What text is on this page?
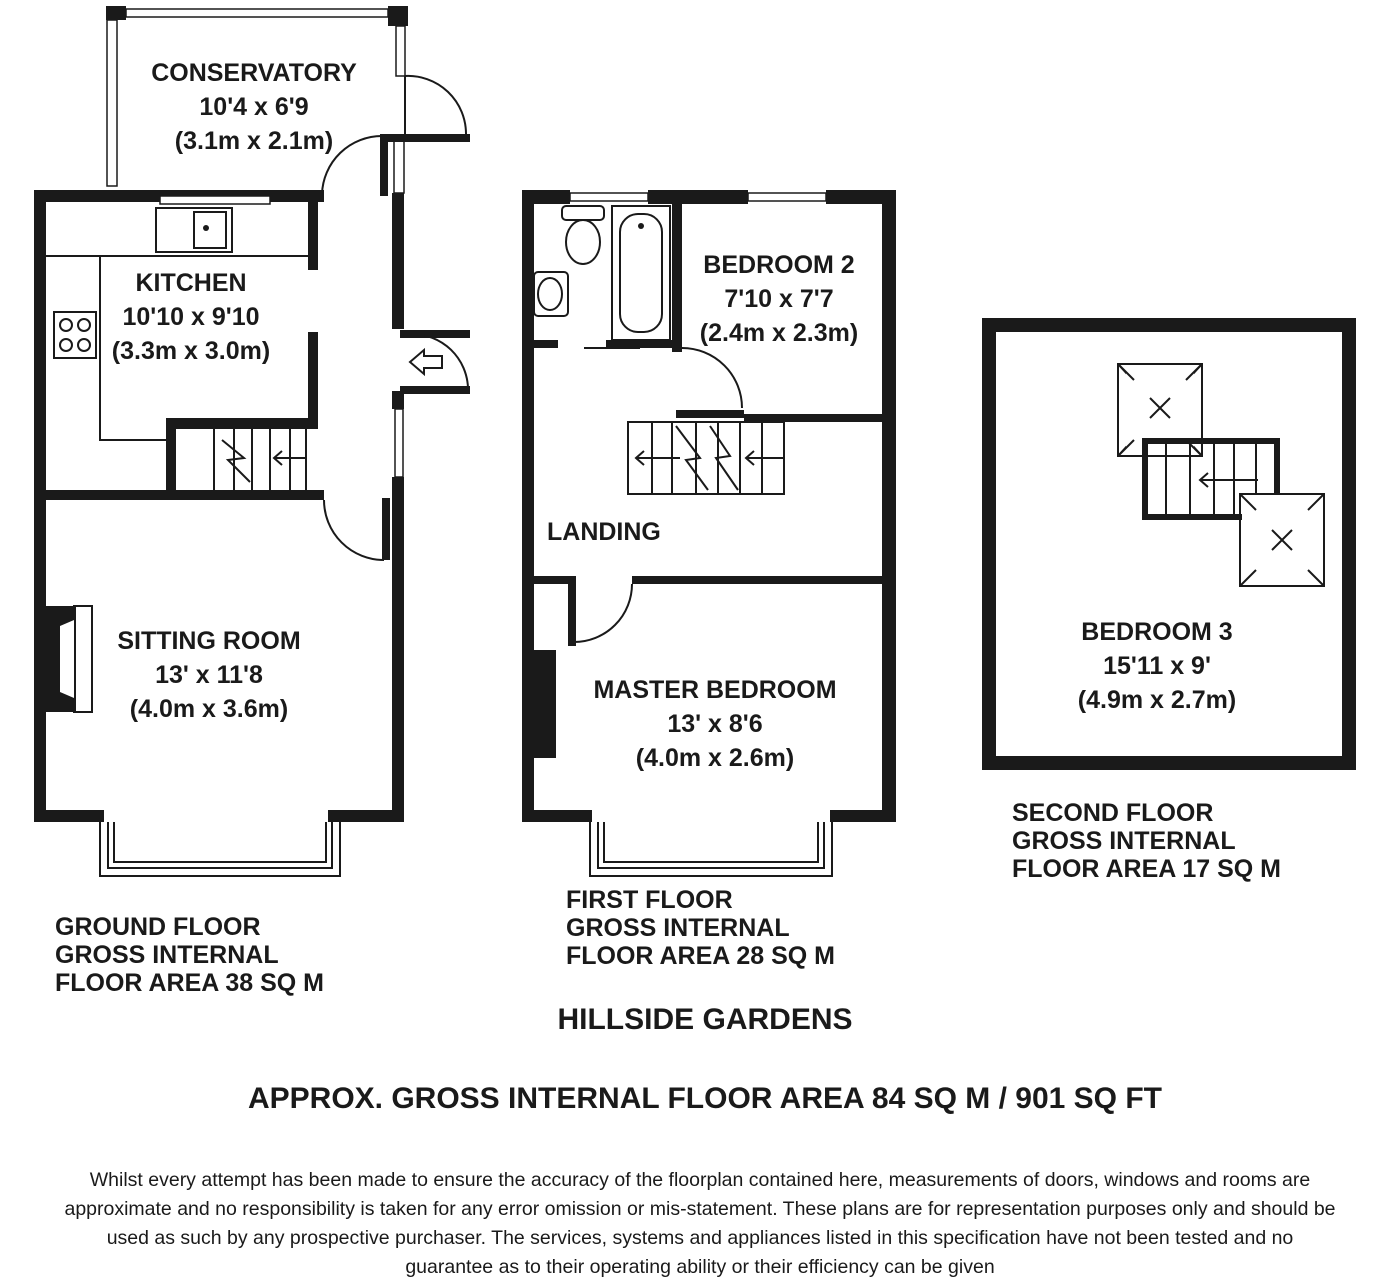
CONSERVATORY
10'4 x 6'9
(3.1m x 2.1m)
KITCHEN
10'10 x 9'10
(3.3m x 3.0m)
SITTING ROOM
13' x 11'8
(4.0m x 3.6m)
BEDROOM 2
7'10 x 7'7
(2.4m x 2.3m)
LANDING
MASTER BEDROOM
13' x 8'6
(4.0m x 2.6m)
BEDROOM 3
15'11 x 9'
(4.9m x 2.7m)
GROUND FLOOR
GROSS INTERNAL
FLOOR AREA 38 SQ M
FIRST FLOOR
GROSS INTERNAL
FLOOR AREA 28 SQ M
SECOND FLOOR
GROSS INTERNAL
FLOOR AREA 17 SQ M
HILLSIDE GARDENS
APPROX. GROSS INTERNAL FLOOR AREA 84 SQ M / 901 SQ FT
Whilst every attempt has been made to ensure the accuracy of the floorplan contained here, measurements of doors, windows and rooms are
approximate and no responsibility is taken for any error omission or mis-statement. These plans are for representation purposes only and should be
used as such by any prospective purchaser. The services, systems and appliances listed in this specification have not been tested and no
guarantee as to their operating ability or their efficiency can be given
